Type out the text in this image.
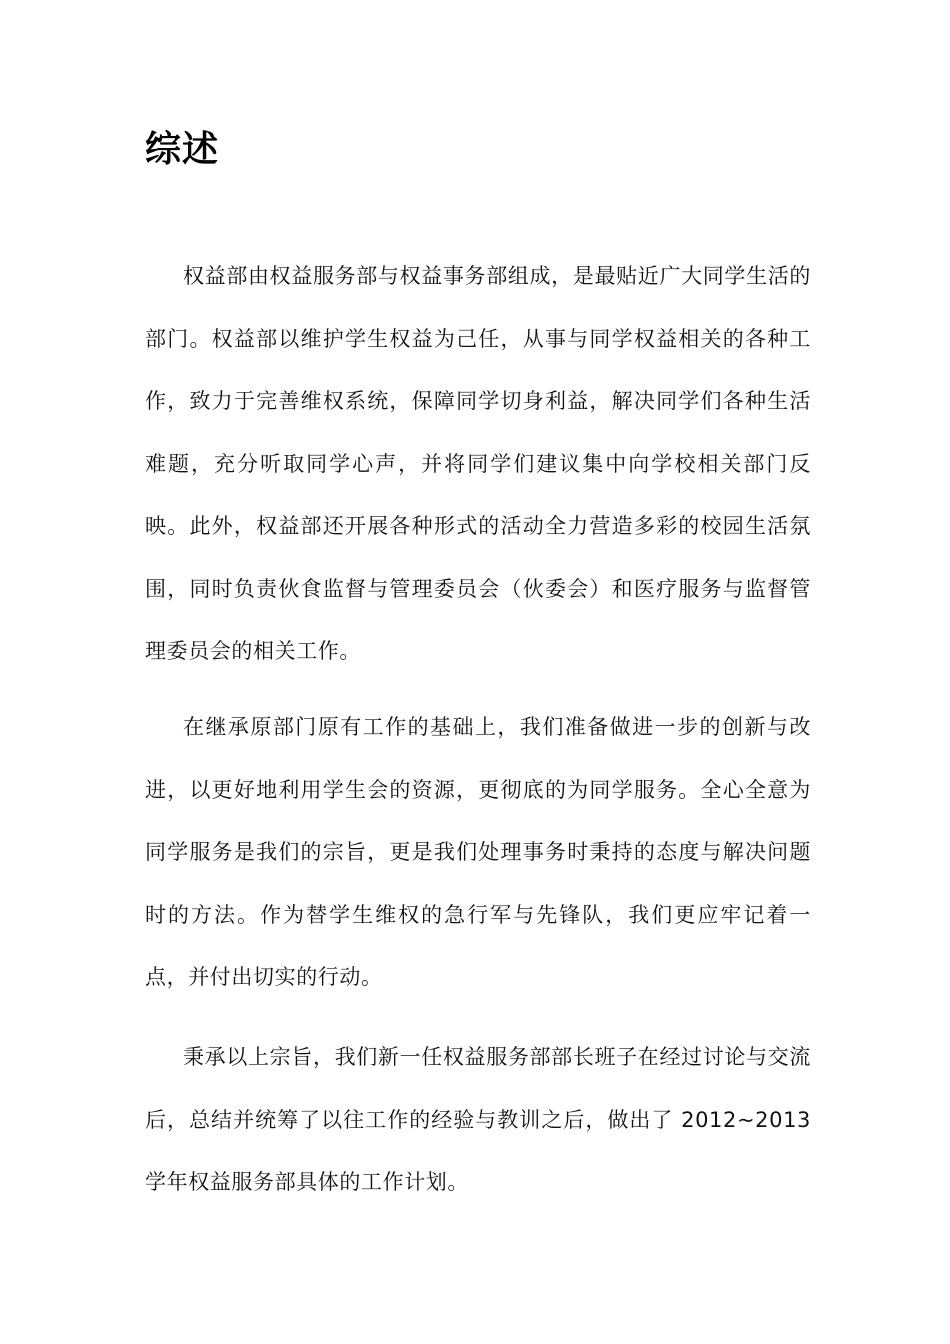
综述

权益部由权益服务部与权益事务部组成，是最贴近广大同学生活的部门。权益部以维护学生权益为己任，从事与同学权益相关的各种工作，致力于完善维权系统，保障同学切身利益，解决同学们各种生活难题，充分听取同学心声，并将同学们建议集中向学校相关部门反映。此外，权益部还开展各种形式的活动全力营造多彩的校园生活氛围，同时负责伙食监督与管理委员会（伙委会）和医疗服务与监督管理委员会的相关工作。

在继承原部门原有工作的基础上，我们准备做进一步的创新与改进，以更好地利用学生会的资源，更彻底的为同学服务。全心全意为同学服务是我们的宗旨，更是我们处理事务时秉持的态度与解决问题时的方法。作为替学生维权的急行军与先锋队，我们更应牢记着一点，并付出切实的行动。

秉承以上宗旨，我们新一任权益服务部部长班子在经过讨论与交流后，总结并统筹了以往工作的经验与教训之后，做出了 2012~2013 学年权益服务部具体的工作计划。
